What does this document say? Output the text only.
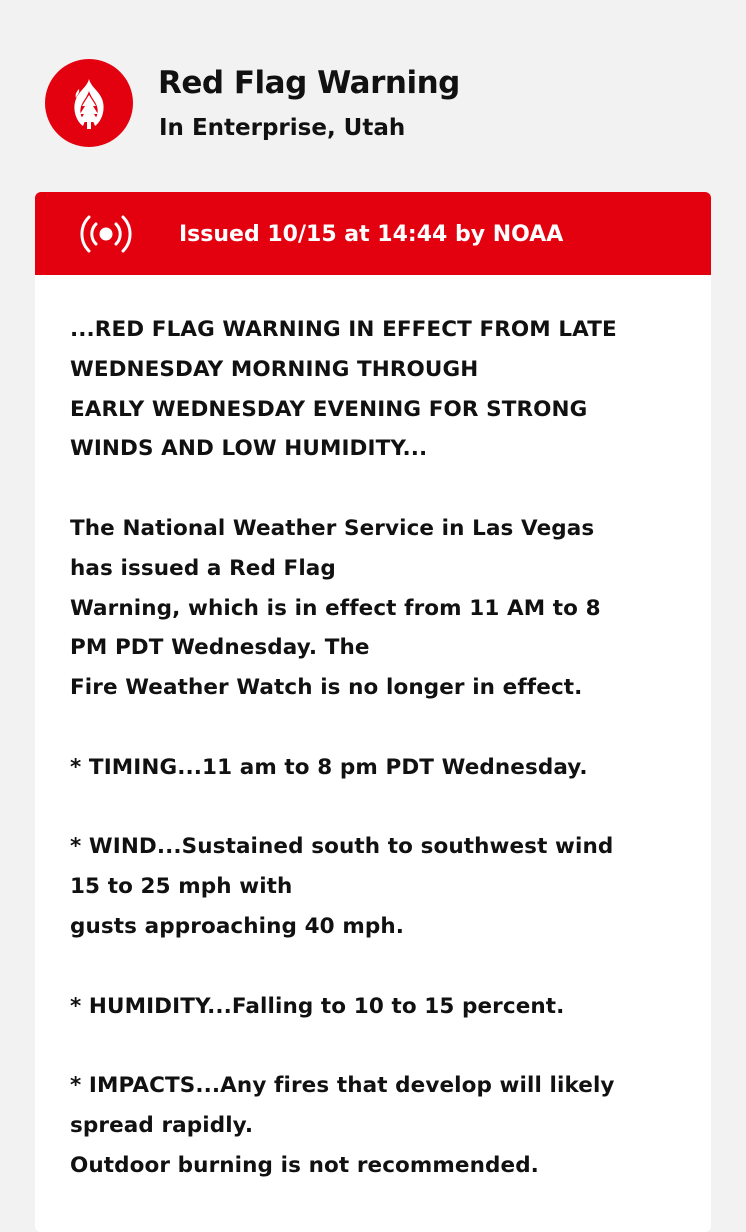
Red Flag Warning

In Enterprise, Utah

Issued 10/15 at 14:44 by NOAA

...RED FLAG WARNING IN EFFECT FROM LATE
WEDNESDAY MORNING THROUGH
EARLY WEDNESDAY EVENING FOR STRONG
WINDS AND LOW HUMIDITY...

The National Weather Service in Las Vegas
has issued a Red Flag
Warning, which is in effect from 11 AM to 8
PM PDT Wednesday. The
Fire Weather Watch is no longer in effect.

* TIMING...11 am to 8 pm PDT Wednesday.

* WIND...Sustained south to southwest wind
15 to 25 mph with
gusts approaching 40 mph.

* HUMIDITY...Falling to 10 to 15 percent.

* IMPACTS...Any fires that develop will likely
spread rapidly.
Outdoor burning is not recommended.
